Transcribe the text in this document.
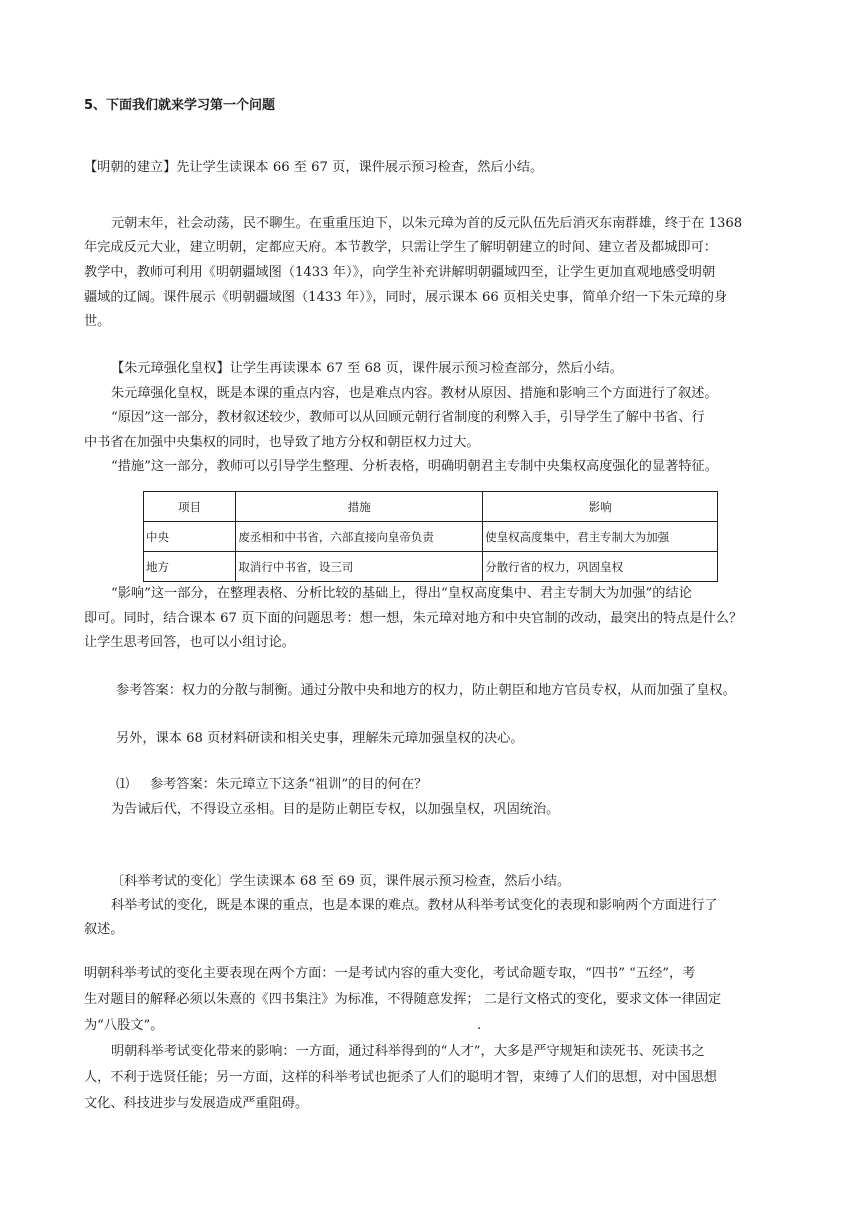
5、下面我们就来学习第一个问题
【明朝的建立】先让学生读课本 66 至 67 页，课件展示预习检查，然后小结。
元朝末年，社会动荡，民不聊生。在重重压迫下，以朱元璋为首的反元队伍先后消灭东南群雄，终于在 1368
年完成反元大业，建立明朝，定都应天府。本节教学，只需让学生了解明朝建立的时间、建立者及都城即可：
教学中，教师可利用《明朝疆域图（1433 年）》，向学生补充讲解明朝疆域四至，让学生更加直观地感受明朝
疆域的辽阔。课件展示《明朝疆域图（1433 年）》，同时，展示课本 66 页相关史事，简单介绍一下朱元璋的身
世。
【朱元璋强化皇权】让学生再读课本 67 至 68 页，课件展示预习检查部分，然后小结。
朱元璋强化皇权，既是本课的重点内容，也是难点内容。教材从原因、措施和影响三个方面进行了叙述。
“原因”这一部分，教材叙述较少，教师可以从回顾元朝行省制度的利弊入手，引导学生了解中书省、行
中书省在加强中央集权的同时，也导致了地方分权和朝臣权力过大。
“措施”这一部分，教师可以引导学生整理、分析表格，明确明朝君主专制中央集权高度强化的显著特征。
项目	措施	影响
中央	废丞相和中书省，六部直接向皇帝负责	使皇权高度集中，君主专制大为加强
地方	取消行中书省，设三司	分散行省的权力，巩固皇权
“影响”这一部分，在整理表格、分析比较的基础上，得出“皇权高度集中、君主专制大为加强”的结论
即可。同时，结合课本 67 页下面的问题思考：想一想，朱元璋对地方和中央官制的改动，最突出的特点是什么？
让学生思考回答，也可以小组讨论。
参考答案：权力的分散与制衡。通过分散中央和地方的权力，防止朝臣和地方官员专权，从而加强了皇权。
另外，课本 68 页材料研读和相关史事，理解朱元璋加强皇权的决心。
⑴ 参考答案：朱元璋立下这条“祖训”的目的何在？
为告诫后代，不得设立丞相。目的是防止朝臣专权，以加强皇权，巩固统治。
〔科举考试的变化〕学生读课本 68 至 69 页，课件展示预习检查，然后小结。
科举考试的变化，既是本课的重点，也是本课的难点。教材从科举考试变化的表现和影响两个方面进行了
叙述。
明朝科举考试的变化主要表现在两个方面：一是考试内容的重大变化，考试命题专取，“四书” “五经”，考
生对题目的解释必须以朱熹的《四书集注》为标准，不得随意发挥； 二是行文格式的变化，要求文体一律固定
为“八股文”。	.
明朝科举考试变化带来的影响：一方面，通过科举得到的“人才”，大多是严守规矩和读死书、死读书之
人，不利于选贤任能；另一方面，这样的科举考试也扼杀了人们的聪明才智，束缚了人们的思想，对中国思想
文化、科技进步与发展造成严重阻碍。
